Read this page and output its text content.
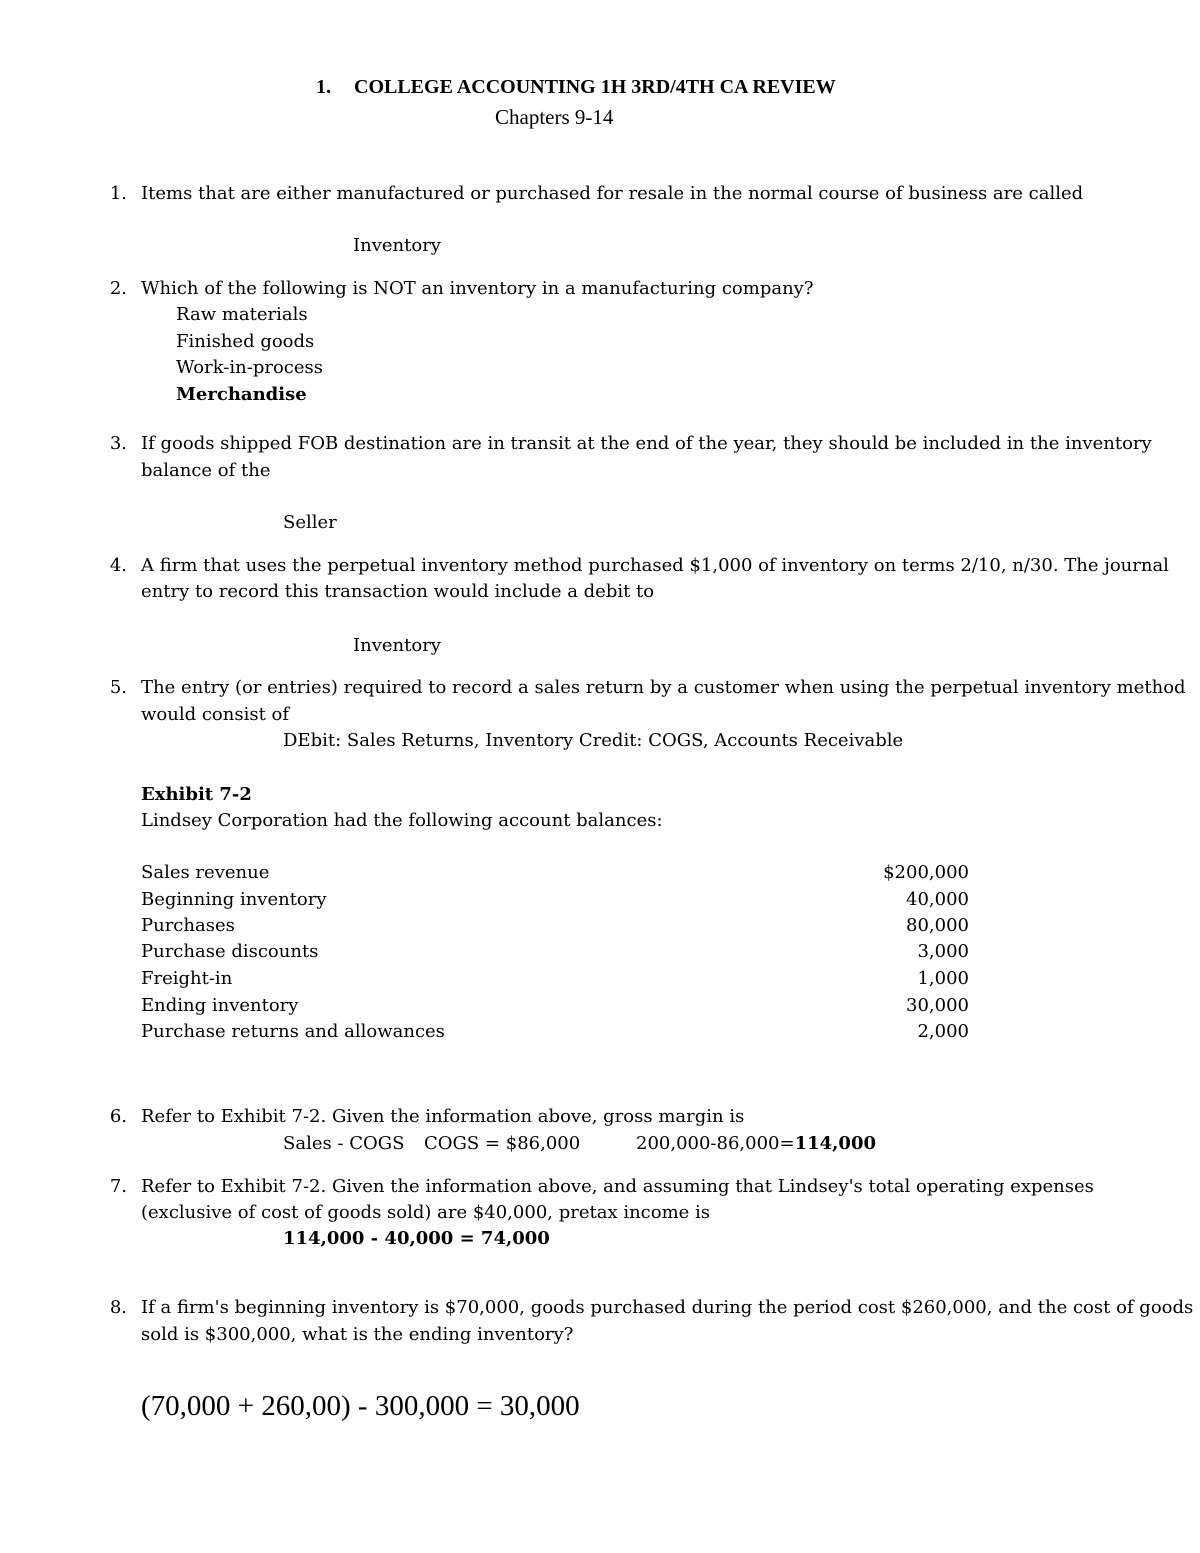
1. COLLEGE ACCOUNTING 1H 3RD/4TH CA REVIEW
Chapters 9-14
1. Items that are either manufactured or purchased for resale in the normal course of business are called
Inventory
2. Which of the following is NOT an inventory in a manufacturing company?
Raw materials
Finished goods
Work-in-process
Merchandise
3. If goods shipped FOB destination are in transit at the end of the year, they should be included in the inventory
balance of the
Seller
4. A firm that uses the perpetual inventory method purchased $1,000 of inventory on terms 2/10, n/30. The journal
entry to record this transaction would include a debit to
Inventory
5. The entry (or entries) required to record a sales return by a customer when using the perpetual inventory method
would consist of
DEbit: Sales Returns, Inventory Credit: COGS, Accounts Receivable
Exhibit 7-2
Lindsey Corporation had the following account balances:
Sales revenue	$200,000
Beginning inventory	40,000
Purchases	80,000
Purchase discounts	3,000
Freight-in	1,000
Ending inventory	30,000
Purchase returns and allowances	2,000
6. Refer to Exhibit 7-2. Given the information above, gross margin is
Sales - COGS COGS = $86,000	200,000-86,000=114,000
7. Refer to Exhibit 7-2. Given the information above, and assuming that Lindsey's total operating expenses
(exclusive of cost of goods sold) are $40,000, pretax income is
114,000 - 40,000 = 74,000
8. If a firm's beginning inventory is $70,000, goods purchased during the period cost $260,000, and the cost of goods
sold is $300,000, what is the ending inventory?
(70,000 + 260,00) - 300,000 = 30,000
